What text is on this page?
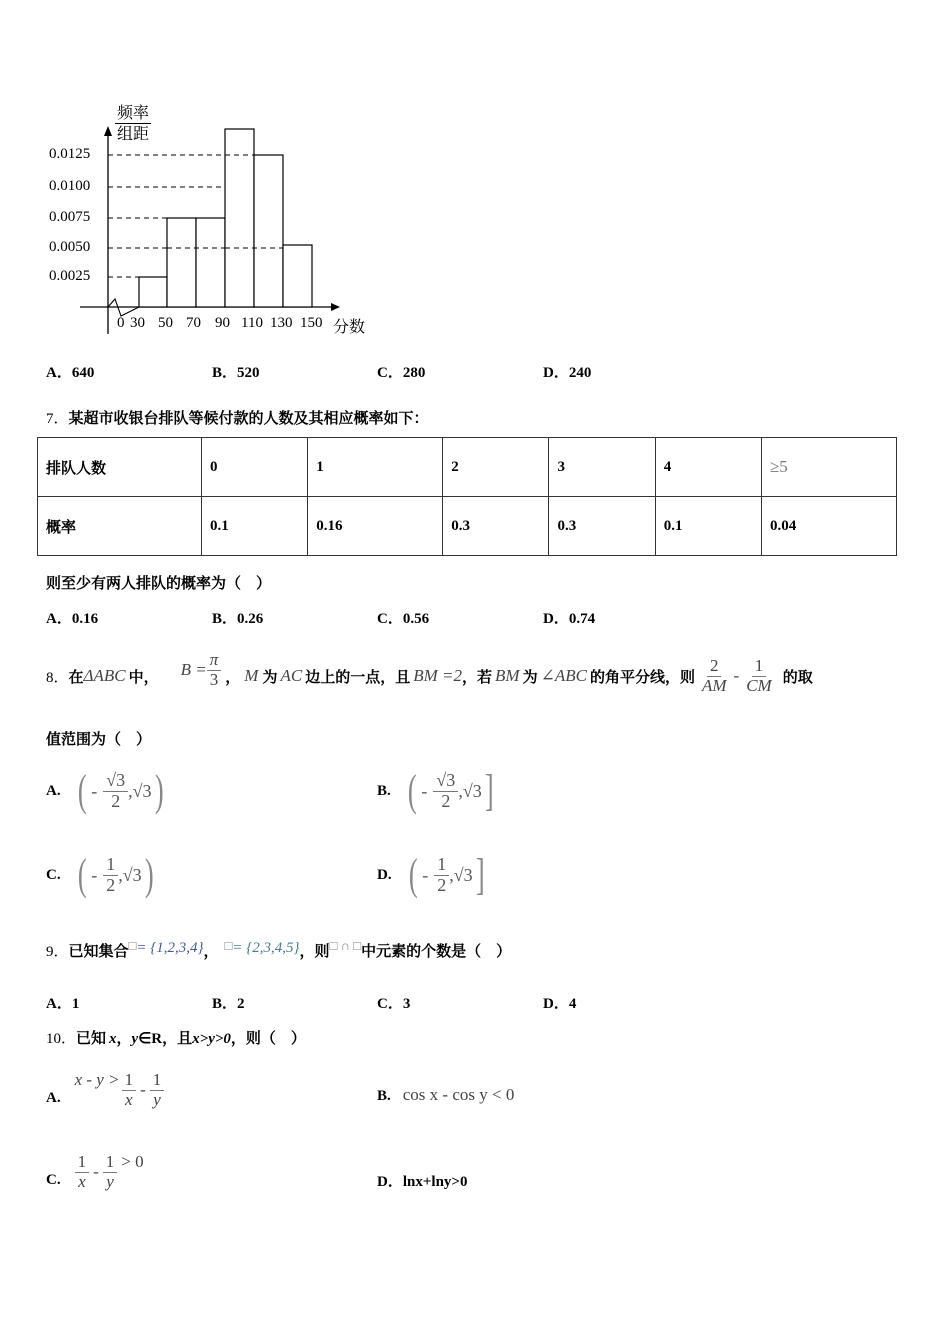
频率
组距
0.0125
0.0100
0.0075
0.0050
0.0025
0 30 50 70 90 110 130 150 分数
A．640	B．520	C．280	D．240
7．某超市收银台排队等候付款的人数及其相应概率如下：
排队人数	0	1	2	3	4	≥5
概率	0.1	0.16	0.3	0.3	0.1	0.04
则至少有两人排队的概率为（　）
A．0.16	B．0.26	C．0.56	D．0.74
8． 在 ΔABC 中， $B = \frac{\pi}{3}$ ， M 为 AC 边上的一点，且 BM =2 ，若 BM 为 ∠ABC 的角平分线，则 $\frac{2}{AM} - \frac{1}{CM}$ 的取
值范围为（　）
A. ( - $\frac{√3}{2}$ , √3 )	B. ( - $\frac{√3}{2}$ , √3 ]
C. ( - $\frac{1}{2}$ , √3 )	D. ( - $\frac{1}{2}$ , √3 ]
9． 已知集合 □ = {1,2,3,4} ， □ = {2,3,4,5} ，则 □ ∩ □ 中元素的个数是（　）
A．1	B．2	C．3	D．4
10．已知 x，y∈R，且x>y>0，则（　）
A.
$x - y > \frac{1}{x} - \frac{1}{y}$	B. cos x - cos y < 0
C. $\frac{1}{x} - \frac{1}{y} > 0$
D．lnx+lny>0
